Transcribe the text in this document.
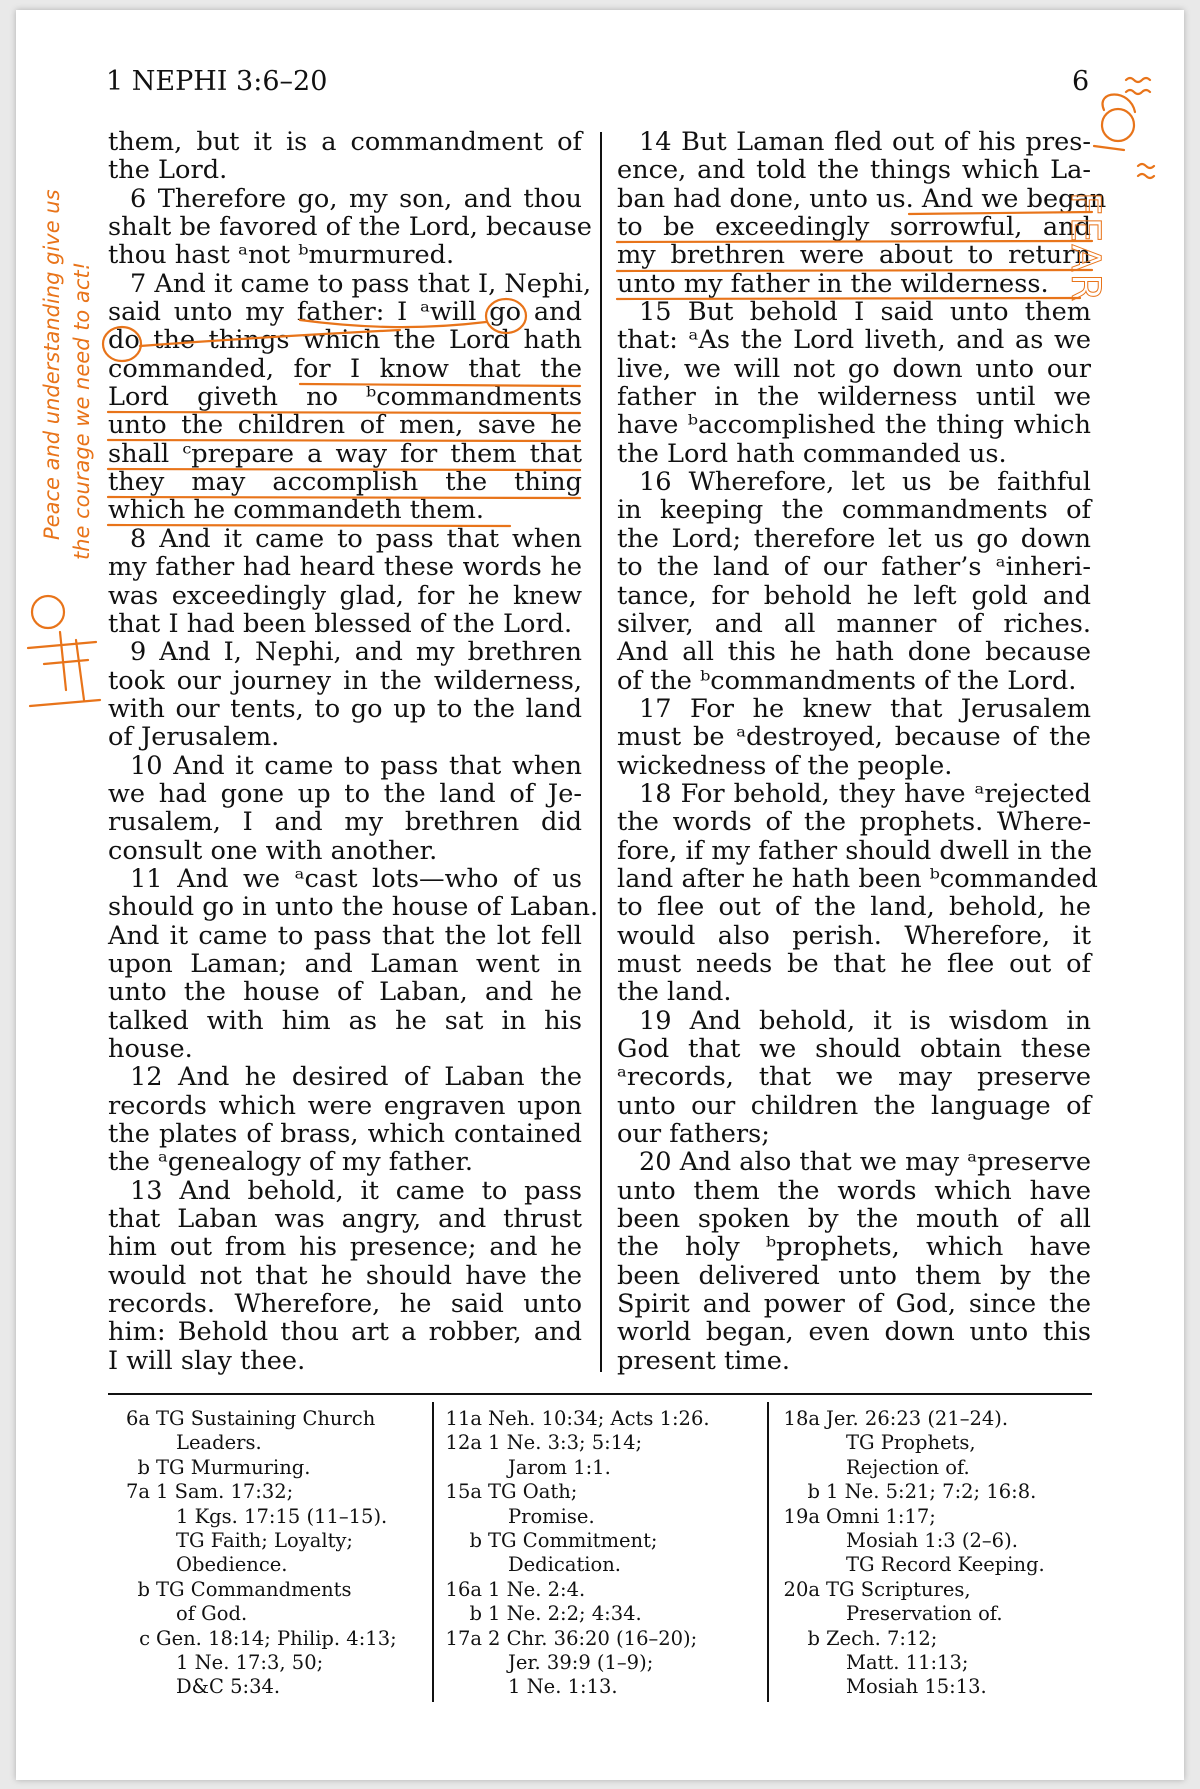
1 NEPHI 3:6–20	6
them, but it is a commandment of
the Lord.
6 Therefore go, my son, and thou
shalt be favored of the Lord, because
thou hast ᵃnot ᵇmurmured.
7 And it came to pass that I, Nephi,
said unto my father: I ᵃwill go and
do the things which the Lord hath
commanded, for I know that the
Lord giveth no ᵇcommandments
unto the children of men, save he
shall ᶜprepare a way for them that
they may accomplish the thing
which he commandeth them.
8 And it came to pass that when
my father had heard these words he
was exceedingly glad, for he knew
that I had been blessed of the Lord.
9 And I, Nephi, and my brethren
took our journey in the wilderness,
with our tents, to go up to the land
of Jerusalem.
10 And it came to pass that when
we had gone up to the land of Je-
rusalem, I and my brethren did
consult one with another.
11 And we ᵃcast lots—who of us
should go in unto the house of Laban.
And it came to pass that the lot fell
upon Laman; and Laman went in
unto the house of Laban, and he
talked with him as he sat in his
house.
12 And he desired of Laban the
records which were engraven upon
the plates of brass, which contained
the ᵃgenealogy of my father.
13 And behold, it came to pass
that Laban was angry, and thrust
him out from his presence; and he
would not that he should have the
records. Wherefore, he said unto
him: Behold thou art a robber, and
I will slay thee.
14 But Laman fled out of his pres-
ence, and told the things which La-
ban had done, unto us. And we began
to be exceedingly sorrowful, and
my brethren were about to return
unto my father in the wilderness.
15 But behold I said unto them
that: ᵃAs the Lord liveth, and as we
live, we will not go down unto our
father in the wilderness until we
have ᵇaccomplished the thing which
the Lord hath commanded us.
16 Wherefore, let us be faithful
in keeping the commandments of
the Lord; therefore let us go down
to the land of our father’s ᵃinheri-
tance, for behold he left gold and
silver, and all manner of riches.
And all this he hath done because
of the ᵇcommandments of the Lord.
17 For he knew that Jerusalem
must be ᵃdestroyed, because of the
wickedness of the people.
18 For behold, they have ᵃrejected
the words of the prophets. Where-
fore, if my father should dwell in the
land after he hath been ᵇcommanded
to flee out of the land, behold, he
would also perish. Wherefore, it
must needs be that he flee out of
the land.
19 And behold, it is wisdom in
God that we should obtain these
ᵃrecords, that we may preserve
unto our children the language of
our fathers;
20 And also that we may ᵃpreserve
unto them the words which have
been spoken by the mouth of all
the holy ᵇprophets, which have
been delivered unto them by the
Spirit and power of God, since the
world began, even down unto this
present time.
6a TG Sustaining Church
Leaders.
b TG Murmuring.
7a 1 Sam. 17:32;
1 Kgs. 17:15 (11–15).
TG Faith; Loyalty;
Obedience.
b TG Commandments
of God.
c Gen. 18:14; Philip. 4:13;
1 Ne. 17:3, 50;
D&C 5:34.
11a Neh. 10:34; Acts 1:26.
12a 1 Ne. 3:3; 5:14;
Jarom 1:1.
15a TG Oath;
Promise.
b TG Commitment;
Dedication.
16a 1 Ne. 2:4.
b 1 Ne. 2:2; 4:34.
17a 2 Chr. 36:20 (16–20);
Jer. 39:9 (1–9);
1 Ne. 1:13.
18a Jer. 26:23 (21–24).
TG Prophets,
Rejection of.
b 1 Ne. 5:21; 7:2; 16:8.
19a Omni 1:17;
Mosiah 1:3 (2–6).
TG Record Keeping.
20a TG Scriptures,
Preservation of.
b Zech. 7:12;
Matt. 11:13;
Mosiah 15:13.
Peace and understanding give us the courage we need to act!
FEAR
